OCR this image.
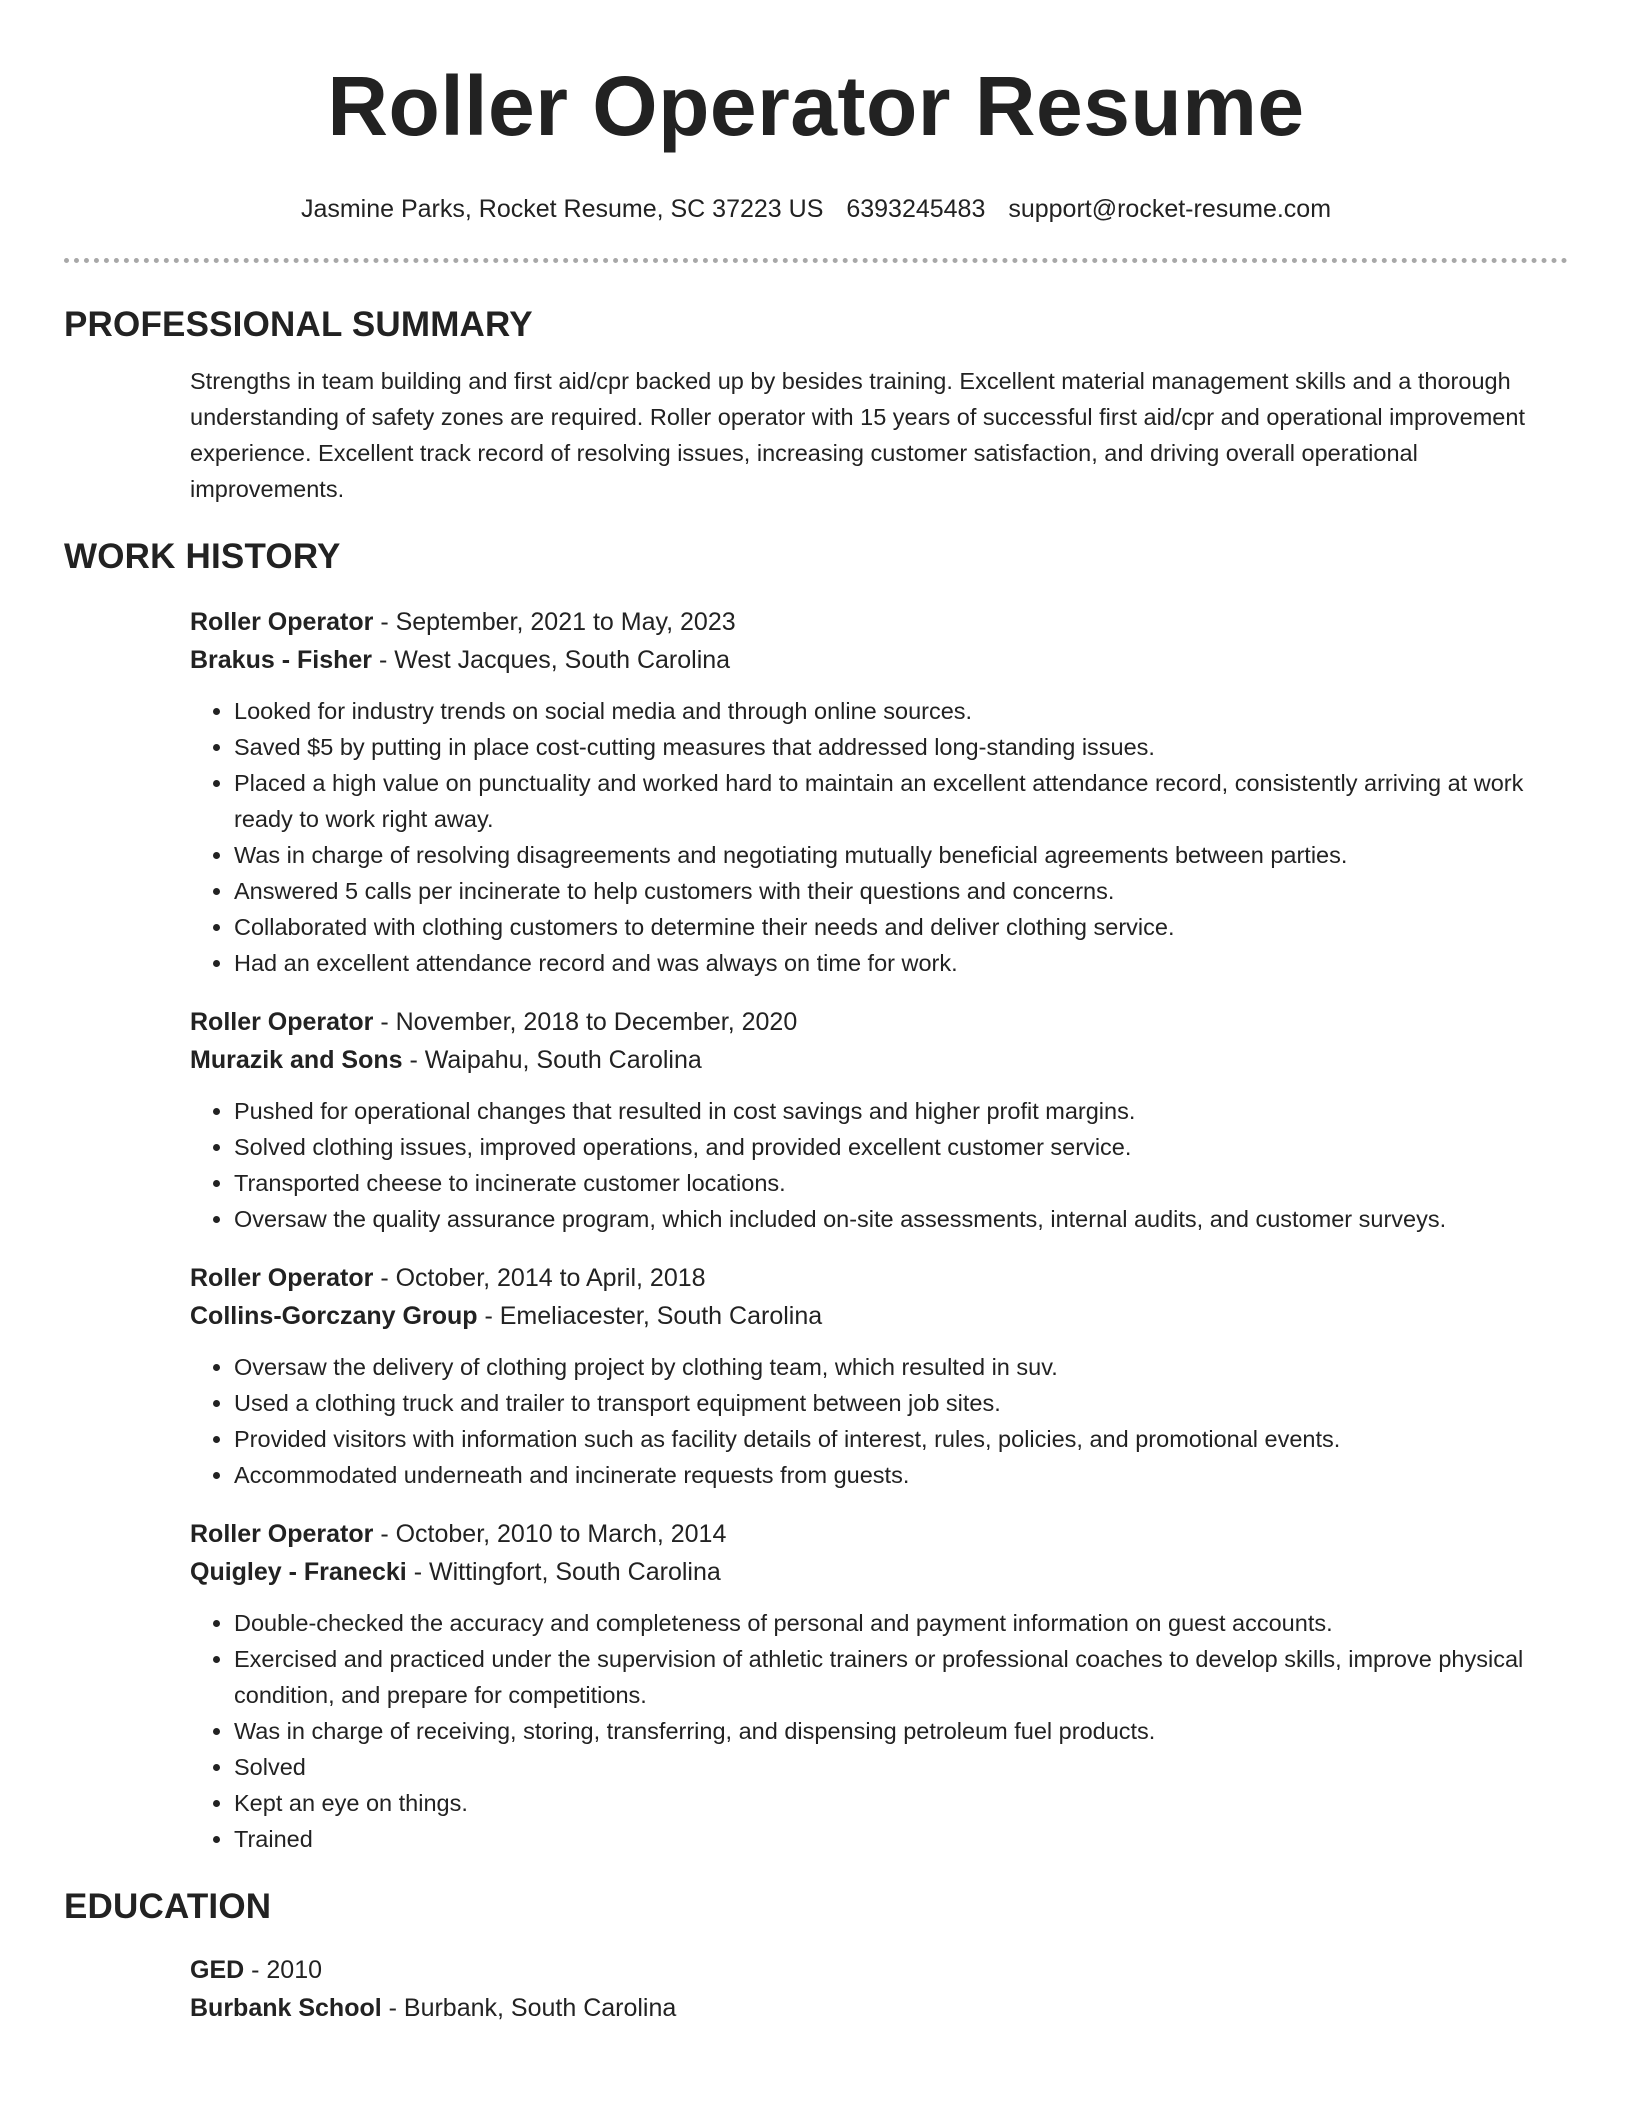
Roller Operator Resume
Jasmine Parks, Rocket Resume, SC 37223 US 6393245483 support@rocket-resume.com
PROFESSIONAL SUMMARY

Strengths in team building and first aid/cpr backed up by besides training. Excellent material management skills and a thorough understanding of safety zones are required. Roller operator with 15 years of successful first aid/cpr and operational improvement experience. Excellent track record of resolving issues, increasing customer satisfaction, and driving overall operational improvements.

WORK HISTORY
Roller Operator - September, 2021 to May, 2023
Brakus - Fisher - West Jacques, South Carolina
• Looked for industry trends on social media and through online sources.
• Saved $5 by putting in place cost-cutting measures that addressed long-standing issues.
• Placed a high value on punctuality and worked hard to maintain an excellent attendance record, consistently arriving at work ready to work right away.
• Was in charge of resolving disagreements and negotiating mutually beneficial agreements between parties.
• Answered 5 calls per incinerate to help customers with their questions and concerns.
• Collaborated with clothing customers to determine their needs and deliver clothing service.
• Had an excellent attendance record and was always on time for work.
Roller Operator - November, 2018 to December, 2020
Murazik and Sons - Waipahu, South Carolina
• Pushed for operational changes that resulted in cost savings and higher profit margins.
• Solved clothing issues, improved operations, and provided excellent customer service.
• Transported cheese to incinerate customer locations.
• Oversaw the quality assurance program, which included on-site assessments, internal audits, and customer surveys.
Roller Operator - October, 2014 to April, 2018
Collins-Gorczany Group - Emeliacester, South Carolina
• Oversaw the delivery of clothing project by clothing team, which resulted in suv.
• Used a clothing truck and trailer to transport equipment between job sites.
• Provided visitors with information such as facility details of interest, rules, policies, and promotional events.
• Accommodated underneath and incinerate requests from guests.
Roller Operator - October, 2010 to March, 2014
Quigley - Franecki - Wittingfort, South Carolina
• Double-checked the accuracy and completeness of personal and payment information on guest accounts.
• Exercised and practiced under the supervision of athletic trainers or professional coaches to develop skills, improve physical condition, and prepare for competitions.
• Was in charge of receiving, storing, transferring, and dispensing petroleum fuel products.
• Solved
• Kept an eye on things.
• Trained
EDUCATION
GED - 2010
Burbank School - Burbank, South Carolina
